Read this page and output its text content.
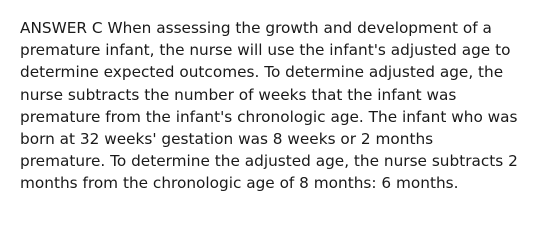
ANSWER C When assessing the growth and development of a
premature infant, the nurse will use the infant's adjusted age to
determine expected outcomes. To determine adjusted age, the
nurse subtracts the number of weeks that the infant was
premature from the infant's chronologic age. The infant who was
born at 32 weeks' gestation was 8 weeks or 2 months
premature. To determine the adjusted age, the nurse subtracts 2
months from the chronologic age of 8 months: 6 months.
